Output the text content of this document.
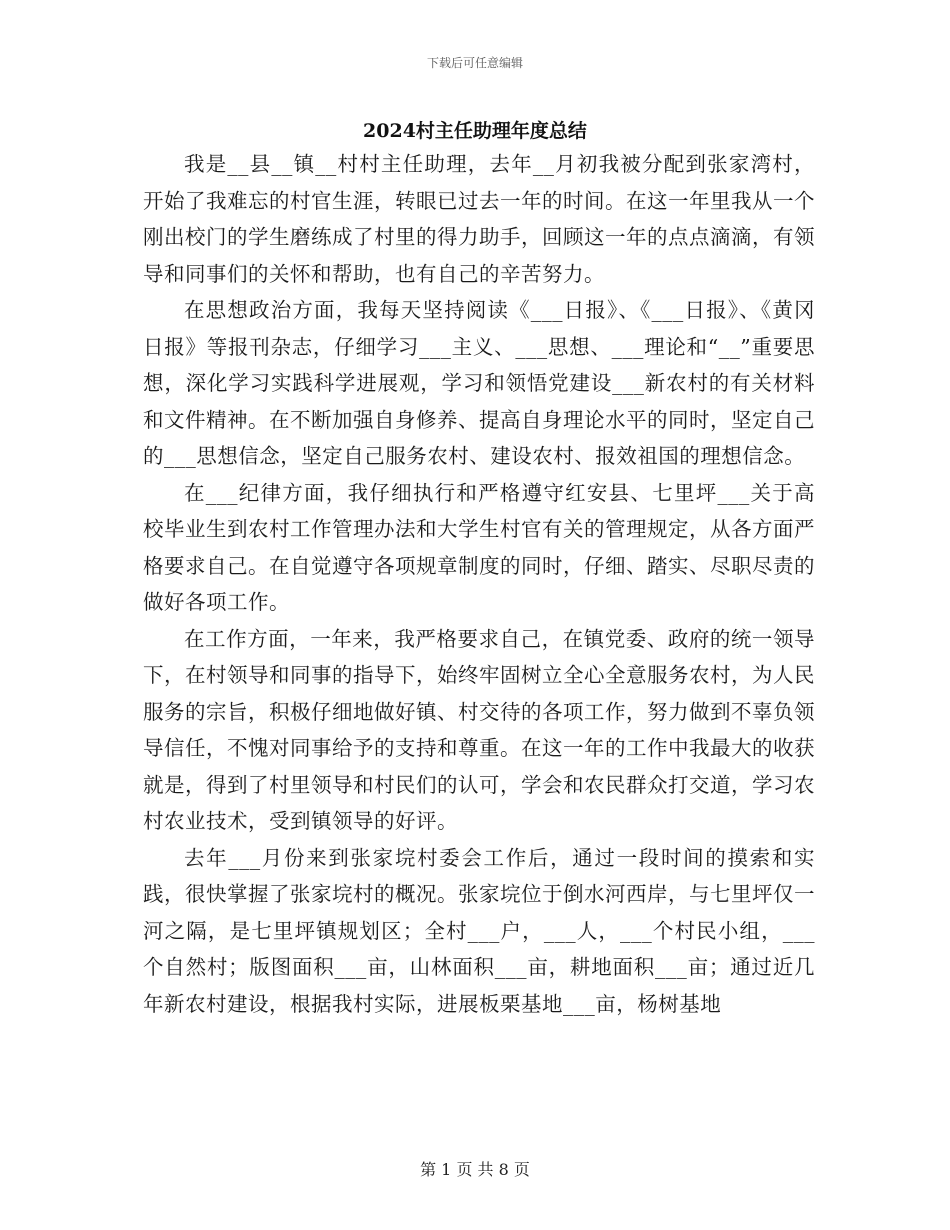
下载后可任意编辑
2024村主任助理年度总结

我是__县__镇__村村主任助理，去年__月初我被分配到张家湾村，开始了我难忘的村官生涯，转眼已过去一年的时间。在这一年里我从一个刚出校门的学生磨练成了村里的得力助手，回顾这一年的点点滴滴，有领导和同事们的关怀和帮助，也有自己的辛苦努力。

在思想政治方面，我每天坚持阅读《___日报》、《___日报》、《黄冈日报》等报刊杂志，仔细学习___主义、___思想、___理论和“__”重要思想，深化学习实践科学进展观，学习和领悟党建设___新农村的有关材料和文件精神。在不断加强自身修养、提高自身理论水平的同时，坚定自己的___思想信念，坚定自己服务农村、建设农村、报效祖国的理想信念。

在___纪律方面，我仔细执行和严格遵守红安县、七里坪___关于高校毕业生到农村工作管理办法和大学生村官有关的管理规定，从各方面严格要求自己。在自觉遵守各项规章制度的同时，仔细、踏实、尽职尽责的做好各项工作。

在工作方面，一年来，我严格要求自己，在镇党委、政府的统一领导下，在村领导和同事的指导下，始终牢固树立全心全意服务农村，为人民服务的宗旨，积极仔细地做好镇、村交待的各项工作，努力做到不辜负领导信任，不愧对同事给予的支持和尊重。在这一年的工作中我最大的收获就是，得到了村里领导和村民们的认可，学会和农民群众打交道，学习农村农业技术，受到镇领导的好评。

去年___月份来到张家垸村委会工作后，通过一段时间的摸索和实践，很快掌握了张家垸村的概况。张家垸位于倒水河西岸，与七里坪仅一河之隔，是七里坪镇规划区；全村___户，___人，___个村民小组，___个自然村；版图面积___亩，山林面积___亩，耕地面积___亩；通过近几年新农村建设，根据我村实际，进展板栗基地___亩，杨树基地

第 1 页 共 8 页
